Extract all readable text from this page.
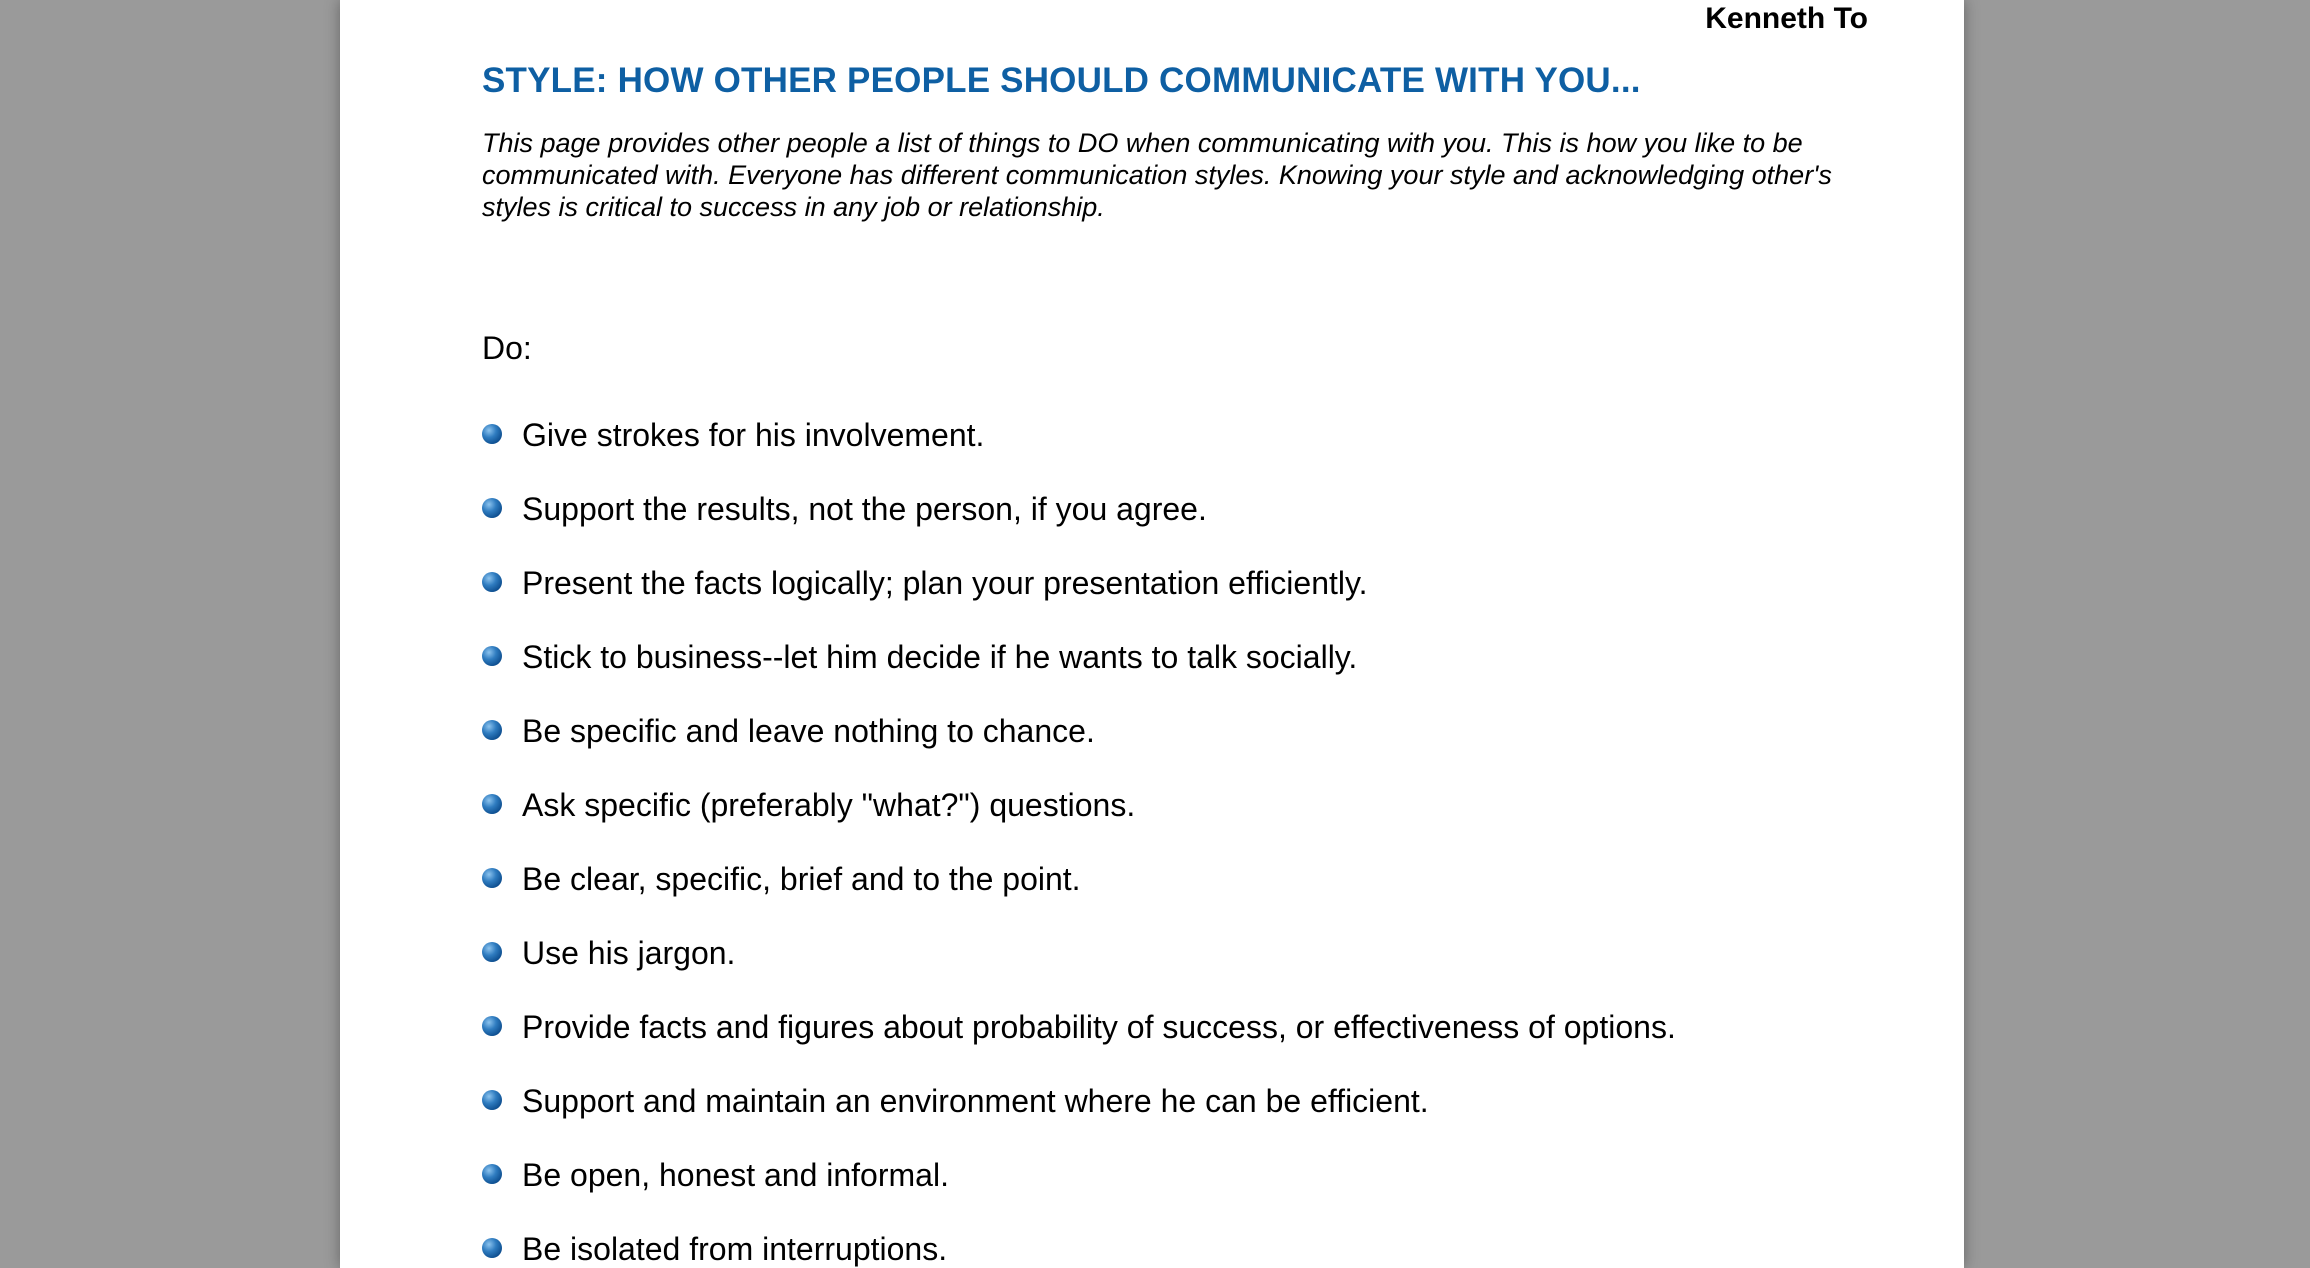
Kenneth To
STYLE: HOW OTHER PEOPLE SHOULD COMMUNICATE WITH YOU...

This page provides other people a list of things to DO when communicating with you. This is how you like to be communicated with. Everyone has different communication styles. Knowing your style and acknowledging other's styles is critical to success in any job or relationship.

Do:
Give strokes for his involvement.
Support the results, not the person, if you agree.
Present the facts logically; plan your presentation efficiently.
Stick to business--let him decide if he wants to talk socially.
Be specific and leave nothing to chance.
Ask specific (preferably "what?") questions.
Be clear, specific, brief and to the point.
Use his jargon.
Provide facts and figures about probability of success, or effectiveness of options.
Support and maintain an environment where he can be efficient.
Be open, honest and informal.
Be isolated from interruptions.
